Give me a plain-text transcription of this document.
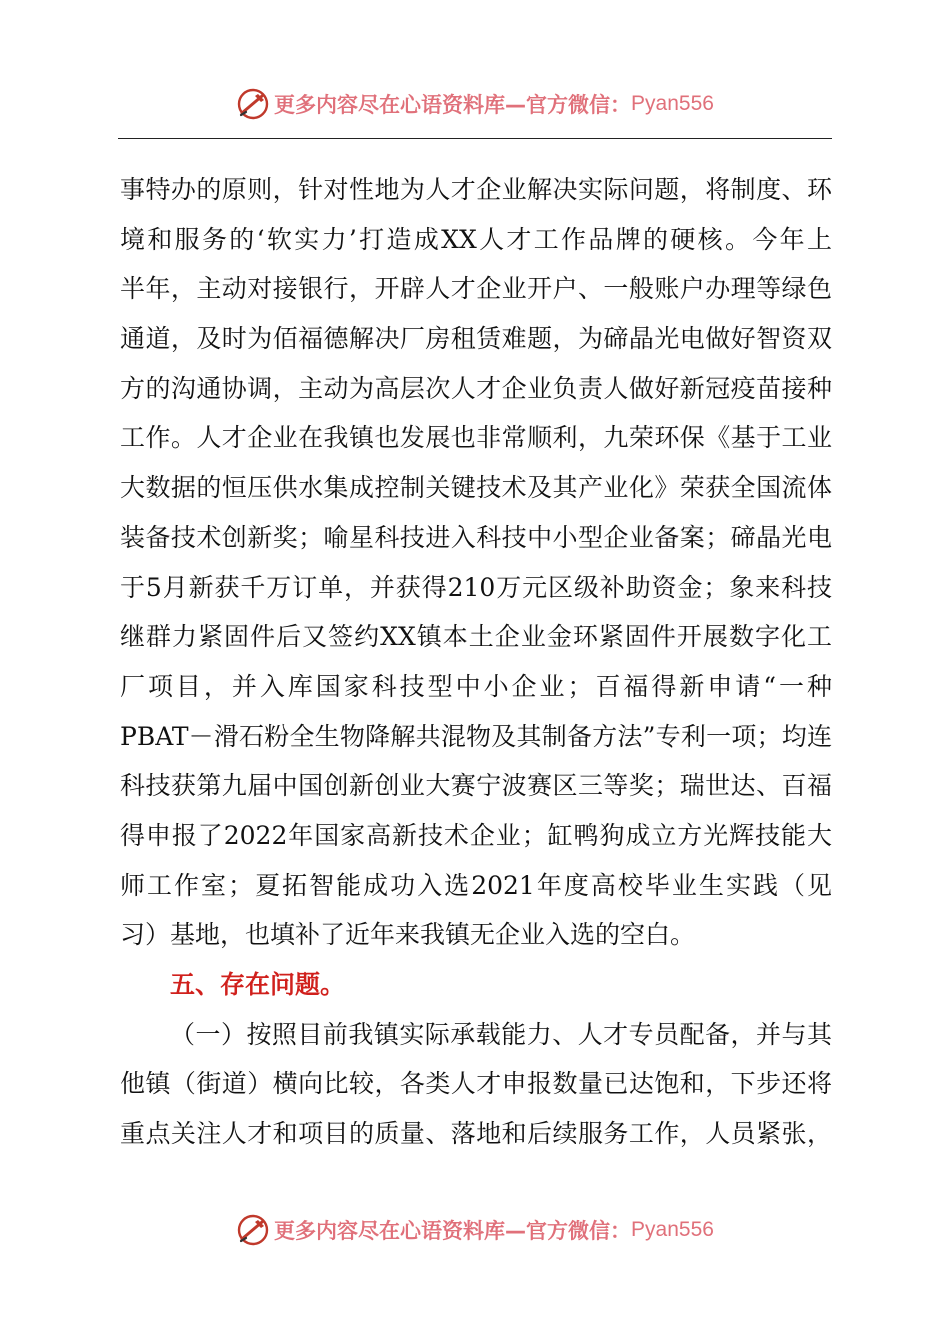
更多内容尽在心语资料库—官方微信： Pyan556
事特办的原则，针对性地为人才企业解决实际问题，将制度、环
境和服务的‘软实力’打造成XX人才工作品牌的硬核。今年上
半年，主动对接银行，开辟人才企业开户、一般账户办理等绿色
通道，及时为佰福德解决厂房租赁难题，为碲晶光电做好智资双
方的沟通协调，主动为高层次人才企业负责人做好新冠疫苗接种
工作。人才企业在我镇也发展也非常顺利，九荣环保《基于工业
大数据的恒压供水集成控制关键技术及其产业化》荣获全国流体
装备技术创新奖；喻星科技进入科技中小型企业备案；碲晶光电
于5月新获千万订单，并获得210万元区级补助资金；象来科技
继群力紧固件后又签约XX镇本土企业金环紧固件开展数字化工
厂项目，并入库国家科技型中小企业；百福得新申请“一种
PBAT－滑石粉全生物降解共混物及其制备方法”专利一项；均连
科技获第九届中国创新创业大赛宁波赛区三等奖；瑞世达、百福
得申报了2022年国家高新技术企业；缸鸭狗成立方光辉技能大
师工作室；夏拓智能成功入选2021年度高校毕业生实践（见
习）基地，也填补了近年来我镇无企业入选的空白。
五、存在问题。
（一）按照目前我镇实际承载能力、人才专员配备，并与其
他镇（街道）横向比较，各类人才申报数量已达饱和，下步还将
重点关注人才和项目的质量、落地和后续服务工作，人员紧张，
更多内容尽在心语资料库—官方微信： Pyan556
